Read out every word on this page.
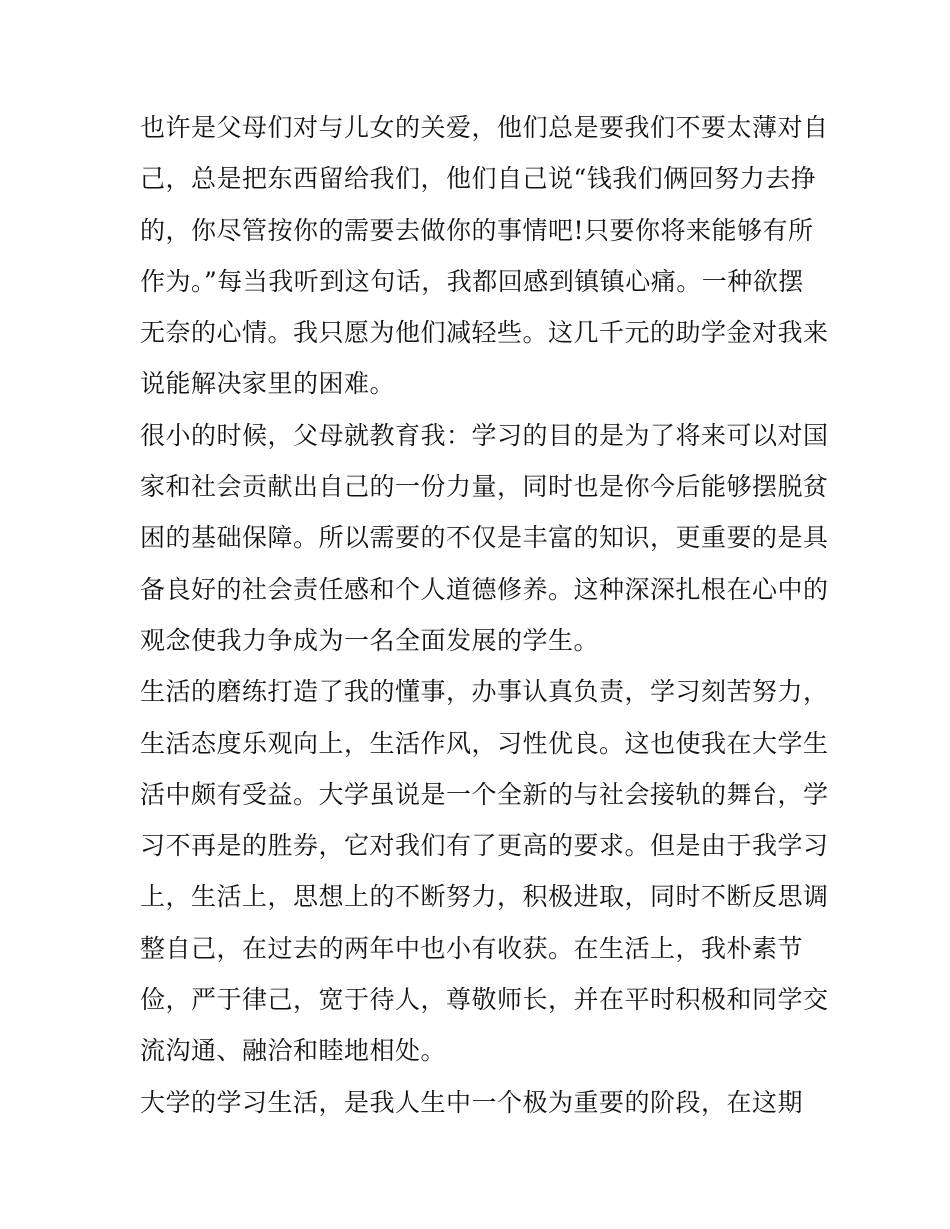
也许是父母们对与儿女的关爱，他们总是要我们不要太薄对自
己，总是把东西留给我们，他们自己说“钱我们俩回努力去挣
的，你尽管按你的需要去做你的事情吧!只要你将来能够有所
作为。”每当我听到这句话，我都回感到镇镇心痛。一种欲摆
无奈的心情。我只愿为他们减轻些。这几千元的助学金对我来
说能解决家里的困难。
很小的时候，父母就教育我：学习的目的是为了将来可以对国
家和社会贡献出自己的一份力量，同时也是你今后能够摆脱贫
困的基础保障。所以需要的不仅是丰富的知识，更重要的是具
备良好的社会责任感和个人道德修养。这种深深扎根在心中的
观念使我力争成为一名全面发展的学生。
生活的磨练打造了我的懂事，办事认真负责，学习刻苦努力，
生活态度乐观向上，生活作风，习性优良。这也使我在大学生
活中颇有受益。大学虽说是一个全新的与社会接轨的舞台，学
习不再是的胜券，它对我们有了更高的要求。但是由于我学习
上，生活上，思想上的不断努力，积极进取，同时不断反思调
整自己，在过去的两年中也小有收获。在生活上，我朴素节
俭，严于律己，宽于待人，尊敬师长，并在平时积极和同学交
流沟通、融洽和睦地相处。
大学的学习生活，是我人生中一个极为重要的阶段，在这期
